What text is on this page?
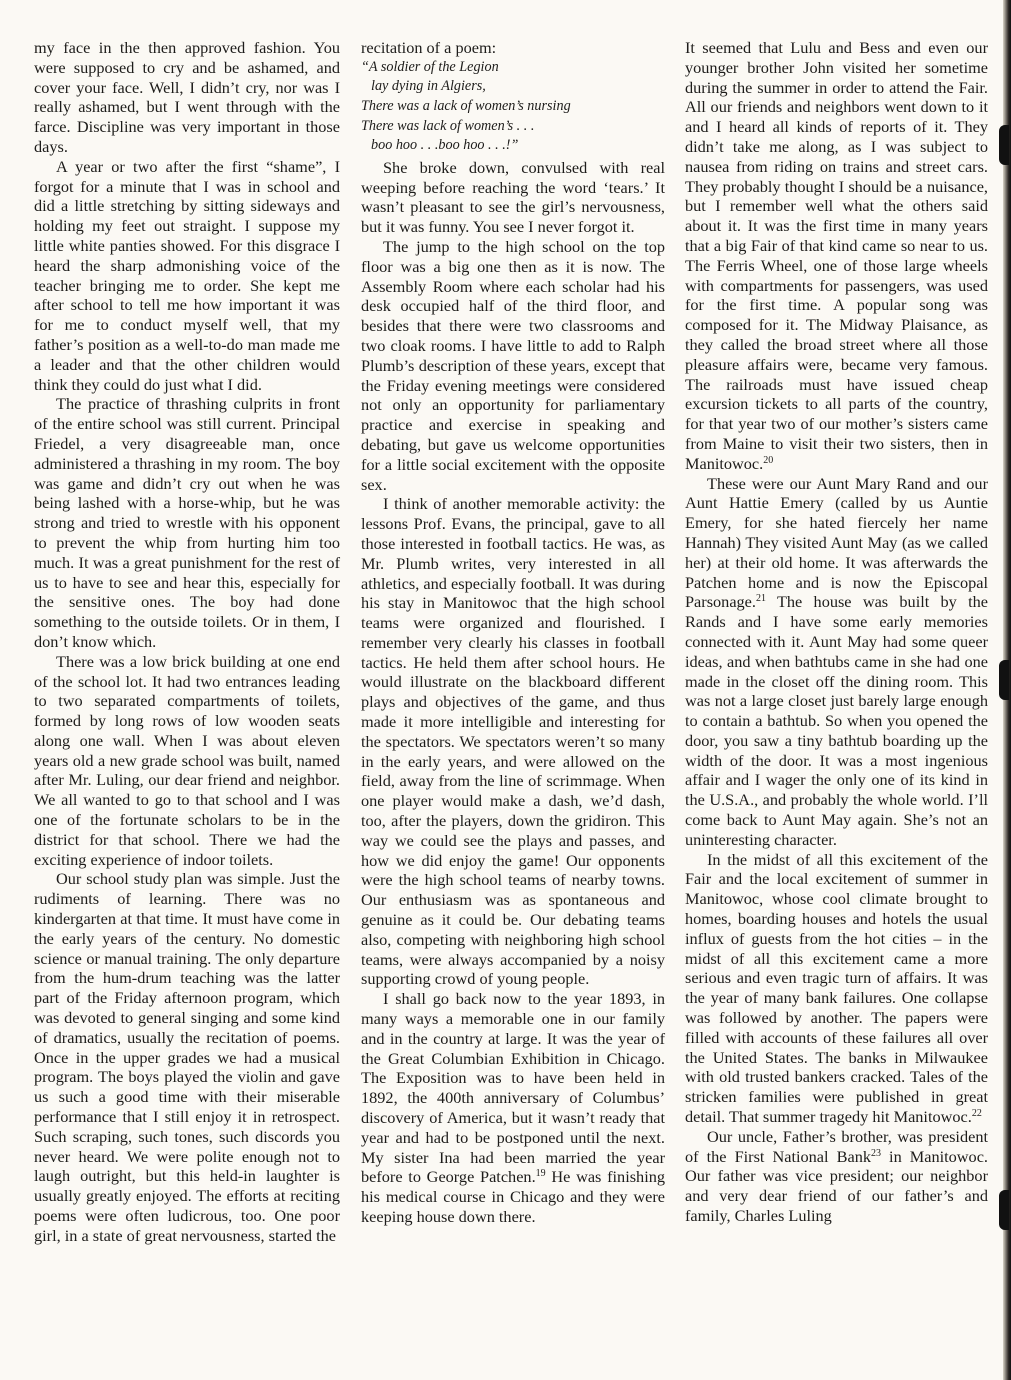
my face in the then approved fashion. You were supposed to cry and be ashamed, and cover your face. Well, I didn’t cry, nor was I really ashamed, but I went through with the farce. Discipline was very important in those days.

A year or two after the first “shame”, I forgot for a minute that I was in school and did a little stretching by sitting sideways and holding my feet out straight. I suppose my little white panties showed. For this disgrace I heard the sharp admonishing voice of the teacher bringing me to order. She kept me after school to tell me how important it was for me to conduct myself well, that my father’s position as a well-to-do man made me a leader and that the other children would think they could do just what I did.

The practice of thrashing culprits in front of the entire school was still current. Principal Friedel, a very disagreeable man, once administered a thrashing in my room. The boy was game and didn’t cry out when he was being lashed with a horse-whip, but he was strong and tried to wrestle with his opponent to prevent the whip from hurting him too much. It was a great punishment for the rest of us to have to see and hear this, especially for the sensitive ones. The boy had done something to the outside toilets. Or in them, I don’t know which.

There was a low brick building at one end of the school lot. It had two entrances leading to two separated compartments of toilets, formed by long rows of low wooden seats along one wall. When I was about eleven years old a new grade school was built, named after Mr. Luling, our dear friend and neighbor. We all wanted to go to that school and I was one of the fortunate scholars to be in the district for that school. There we had the exciting experience of indoor toilets.

Our school study plan was simple. Just the rudiments of learning. There was no kindergarten at that time. It must have come in the early years of the century. No domestic science or manual training. The only departure from the hum-drum teaching was the latter part of the Friday afternoon program, which was devoted to general singing and some kind of dramatics, usually the recitation of poems. Once in the upper grades we had a musical program. The boys played the violin and gave us such a good time with their miserable performance that I still enjoy it in retrospect. Such scraping, such tones, such discords you never heard. We were polite enough not to laugh outright, but this held-in laughter is usually greatly enjoyed. The efforts at reciting poems were often ludicrous, too. One poor girl, in a state of great nervousness, started the

recitation of a poem:

“A soldier of the Legion
lay dying in Algiers,
There was a lack of women’s nursing
There was lack of women’s . . .
boo hoo . . .boo hoo . . .!”

She broke down, convulsed with real weeping before reaching the word ‘tears.’ It wasn’t pleasant to see the girl’s nervousness, but it was funny. You see I never forgot it.

The jump to the high school on the top floor was a big one then as it is now. The Assembly Room where each scholar had his desk occupied half of the third floor, and besides that there were two classrooms and two cloak rooms. I have little to add to Ralph Plumb’s description of these years, except that the Friday evening meetings were considered not only an opportunity for parliamentary practice and exercise in speaking and debating, but gave us welcome opportunities for a little social excitement with the opposite sex.

I think of another memorable activity: the lessons Prof. Evans, the principal, gave to all those interested in football tactics. He was, as Mr. Plumb writes, very interested in all athletics, and especially football. It was during his stay in Manitowoc that the high school teams were organized and flourished. I remember very clearly his classes in football tactics. He held them after school hours. He would illustrate on the blackboard different plays and objectives of the game, and thus made it more intelligible and interesting for the spectators. We spectators weren’t so many in the early years, and were allowed on the field, away from the line of scrimmage. When one player would make a dash, we’d dash, too, after the players, down the gridiron. This way we could see the plays and passes, and how we did enjoy the game! Our opponents were the high school teams of nearby towns. Our enthusiasm was as spontaneous and genuine as it could be. Our debating teams also, competing with neighboring high school teams, were always accompanied by a noisy supporting crowd of young people.

I shall go back now to the year 1893, in many ways a memorable one in our family and in the country at large. It was the year of the Great Columbian Exhibition in Chicago. The Exposition was to have been held in 1892, the 400th anniversary of Columbus’ discovery of America, but it wasn’t ready that year and had to be postponed until the next. My sister Ina had been married the year before to George Patchen.$^{19}$ He was finishing his medical course in Chicago and they were keeping house down there.

It seemed that Lulu and Bess and even our younger brother John visited her sometime during the summer in order to attend the Fair. All our friends and neighbors went down to it and I heard all kinds of reports of it. They didn’t take me along, as I was subject to nausea from riding on trains and street cars. They probably thought I should be a nuisance, but I remember well what the others said about it. It was the first time in many years that a big Fair of that kind came so near to us. The Ferris Wheel, one of those large wheels with compartments for passengers, was used for the first time. A popular song was composed for it. The Midway Plaisance, as they called the broad street where all those pleasure affairs were, became very famous. The railroads must have issued cheap excursion tickets to all parts of the country, for that year two of our mother’s sisters came from Maine to visit their two sisters, then in Manitowoc.$^{20}$

These were our Aunt Mary Rand and our Aunt Hattie Emery (called by us Auntie Emery, for she hated fiercely her name Hannah) They visited Aunt May (as we called her) at their old home. It was afterwards the Patchen home and is now the Episcopal Parsonage.$^{21}$ The house was built by the Rands and I have some early memories connected with it. Aunt May had some queer ideas, and when bathtubs came in she had one made in the closet off the dining room. This was not a large closet just barely large enough to contain a bathtub. So when you opened the door, you saw a tiny bathtub boarding up the width of the door. It was a most ingenious affair and I wager the only one of its kind in the U.S.A., and probably the whole world. I’ll come back to Aunt May again. She’s not an uninteresting character.

In the midst of all this excitement of the Fair and the local excitement of summer in Manitowoc, whose cool climate brought to homes, boarding houses and hotels the usual influx of guests from the hot cities – in the midst of all this excitement came a more serious and even tragic turn of affairs. It was the year of many bank failures. One collapse was followed by another. The papers were filled with accounts of these failures all over the United States. The banks in Milwaukee with old trusted bankers cracked. Tales of the stricken families were published in great detail. That summer tragedy hit Manitowoc.$^{22}$

Our uncle, Father’s brother, was president of the First National Bank$^{23}$ in Manitowoc. Our father was vice president; our neighbor and very dear friend of our father’s and family, Charles Luling
